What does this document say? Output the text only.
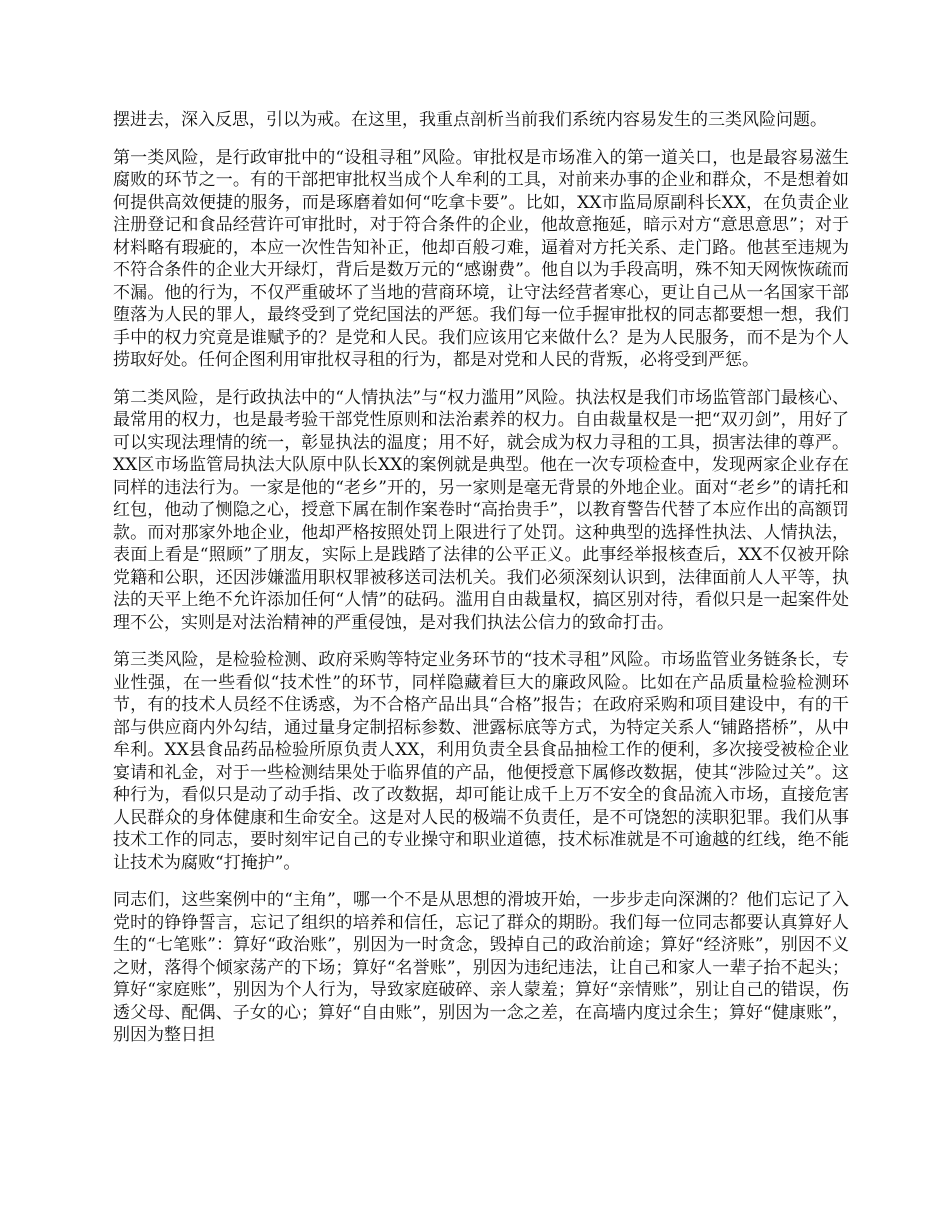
摆进去，深入反思，引以为戒。在这里，我重点剖析当前我们系统内容易发生的三类风险问题。

第一类风险，是行政审批中的“设租寻租”风险。审批权是市场准入的第一道关口，也是最容易滋生腐败的环节之一。有的干部把审批权当成个人牟利的工具，对前来办事的企业和群众，不是想着如何提供高效便捷的服务，而是琢磨着如何“吃拿卡要”。比如，XX市监局原副科长XX，在负责企业注册登记和食品经营许可审批时，对于符合条件的企业，他故意拖延，暗示对方“意思意思”；对于材料略有瑕疵的，本应一次性告知补正，他却百般刁难，逼着对方托关系、走门路。他甚至违规为不符合条件的企业大开绿灯，背后是数万元的“感谢费”。他自以为手段高明，殊不知天网恢恢疏而不漏。他的行为，不仅严重破坏了当地的营商环境，让守法经营者寒心，更让自己从一名国家干部堕落为人民的罪人，最终受到了党纪国法的严惩。我们每一位手握审批权的同志都要想一想，我们手中的权力究竟是谁赋予的？是党和人民。我们应该用它来做什么？是为人民服务，而不是为个人捞取好处。任何企图利用审批权寻租的行为，都是对党和人民的背叛，必将受到严惩。

第二类风险，是行政执法中的“人情执法”与“权力滥用”风险。执法权是我们市场监管部门最核心、最常用的权力，也是最考验干部党性原则和法治素养的权力。自由裁量权是一把“双刃剑”，用好了可以实现法理情的统一，彰显执法的温度；用不好，就会成为权力寻租的工具，损害法律的尊严。XX区市场监管局执法大队原中队长XX的案例就是典型。他在一次专项检查中，发现两家企业存在同样的违法行为。一家是他的“老乡”开的，另一家则是毫无背景的外地企业。面对“老乡”的请托和红包，他动了恻隐之心，授意下属在制作案卷时“高抬贵手”，以教育警告代替了本应作出的高额罚款。而对那家外地企业，他却严格按照处罚上限进行了处罚。这种典型的选择性执法、人情执法，表面上看是“照顾”了朋友，实际上是践踏了法律的公平正义。此事经举报核查后，XX不仅被开除党籍和公职，还因涉嫌滥用职权罪被移送司法机关。我们必须深刻认识到，法律面前人人平等，执法的天平上绝不允许添加任何“人情”的砝码。滥用自由裁量权，搞区别对待，看似只是一起案件处理不公，实则是对法治精神的严重侵蚀，是对我们执法公信力的致命打击。

第三类风险，是检验检测、政府采购等特定业务环节的“技术寻租”风险。市场监管业务链条长，专业性强，在一些看似“技术性”的环节，同样隐藏着巨大的廉政风险。比如在产品质量检验检测环节，有的技术人员经不住诱惑，为不合格产品出具“合格”报告；在政府采购和项目建设中，有的干部与供应商内外勾结，通过量身定制招标参数、泄露标底等方式，为特定关系人“铺路搭桥”，从中牟利。XX县食品药品检验所原负责人XX，利用负责全县食品抽检工作的便利，多次接受被检企业宴请和礼金，对于一些检测结果处于临界值的产品，他便授意下属修改数据，使其“涉险过关”。这种行为，看似只是动了动手指、改了改数据，却可能让成千上万不安全的食品流入市场，直接危害人民群众的身体健康和生命安全。这是对人民的极端不负责任，是不可饶恕的渎职犯罪。我们从事技术工作的同志，要时刻牢记自己的专业操守和职业道德，技术标准就是不可逾越的红线，绝不能让技术为腐败“打掩护”。

同志们，这些案例中的“主角”，哪一个不是从思想的滑坡开始，一步步走向深渊的？他们忘记了入党时的铮铮誓言，忘记了组织的培养和信任，忘记了群众的期盼。我们每一位同志都要认真算好人生的“七笔账”：算好“政治账”，别因为一时贪念，毁掉自己的政治前途；算好“经济账”，别因不义之财，落得个倾家荡产的下场；算好“名誉账”，别因为违纪违法，让自己和家人一辈子抬不起头；算好“家庭账”，别因为个人行为，导致家庭破碎、亲人蒙羞；算好“亲情账”，别让自己的错误，伤透父母、配偶、子女的心；算好“自由账”，别因为一念之差，在高墙内度过余生；算好“健康账”，别因为整日担
